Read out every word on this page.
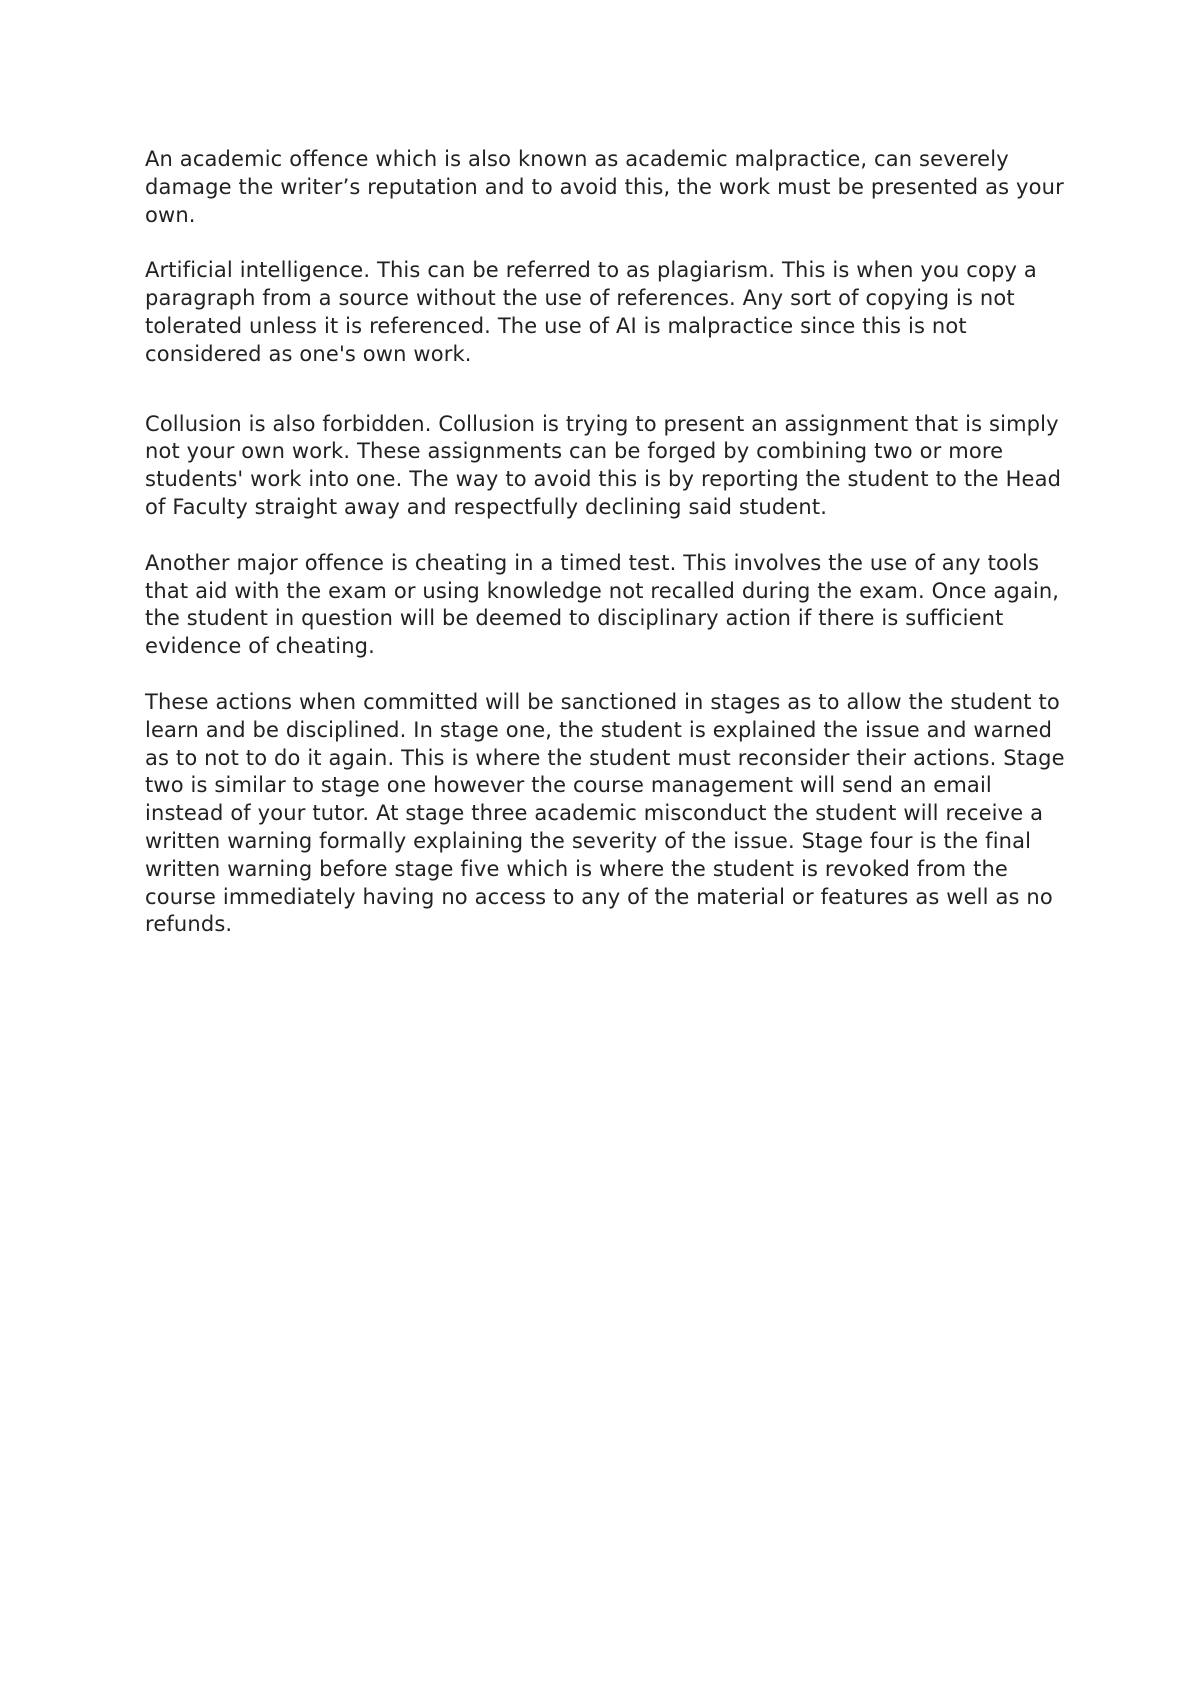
An academic offence which is also known as academic malpractice, can severely damage the writer’s reputation and to avoid this, the work must be presented as your own.

Artificial intelligence. This can be referred to as plagiarism. This is when you copy a paragraph from a source without the use of references. Any sort of copying is not tolerated unless it is referenced. The use of AI is malpractice since this is not considered as one's own work.

Collusion is also forbidden. Collusion is trying to present an assignment that is simply not your own work. These assignments can be forged by combining two or more students' work into one. The way to avoid this is by reporting the student to the Head of Faculty straight away and respectfully declining said student.

Another major offence is cheating in a timed test. This involves the use of any tools that aid with the exam or using knowledge not recalled during the exam. Once again, the student in question will be deemed to disciplinary action if there is sufficient evidence of cheating.

These actions when committed will be sanctioned in stages as to allow the student to learn and be disciplined. In stage one, the student is explained the issue and warned as to not to do it again. This is where the student must reconsider their actions. Stage two is similar to stage one however the course management will send an email instead of your tutor. At stage three academic misconduct the student will receive a written warning formally explaining the severity of the issue. Stage four is the final written warning before stage five which is where the student is revoked from the course immediately having no access to any of the material or features as well as no refunds.
